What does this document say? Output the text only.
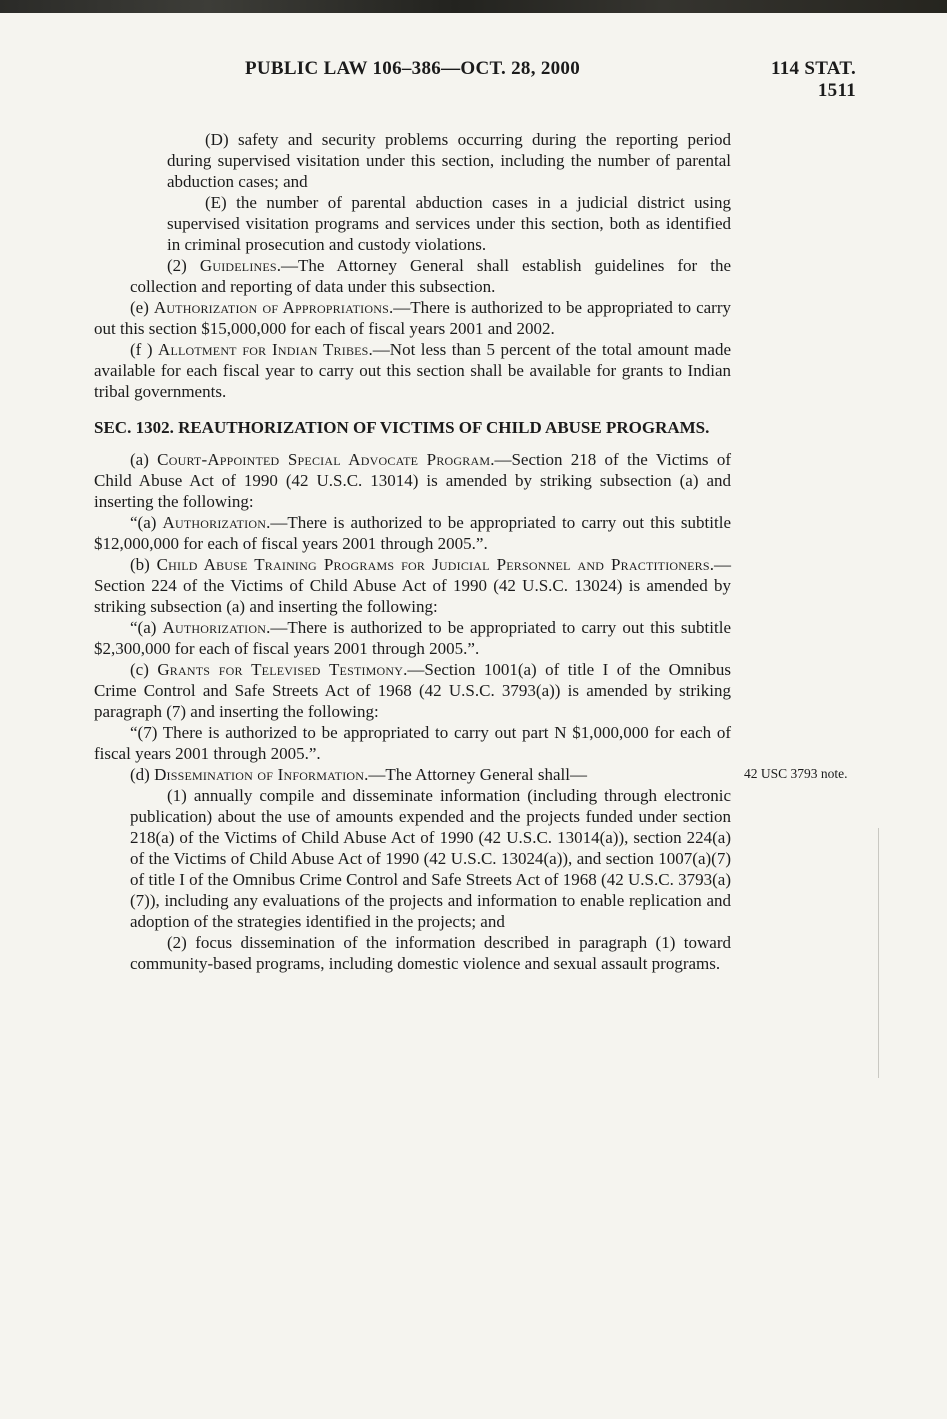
PUBLIC LAW 106–386—OCT. 28, 2000	114 STAT. 1511

(D) safety and security problems occurring during the reporting period during supervised visitation under this section, including the number of parental abduction cases; and

(E) the number of parental abduction cases in a judicial district using supervised visitation programs and services under this section, both as identified in criminal prosecution and custody violations.

(2) Guidelines.—The Attorney General shall establish guidelines for the collection and reporting of data under this subsection.

(e) Authorization of Appropriations.—There is authorized to be appropriated to carry out this section $15,000,000 for each of fiscal years 2001 and 2002.

(f ) Allotment for Indian Tribes.—Not less than 5 percent of the total amount made available for each fiscal year to carry out this section shall be available for grants to Indian tribal governments.

SEC. 1302. REAUTHORIZATION OF VICTIMS OF CHILD ABUSE PROGRAMS.

(a) Court-Appointed Special Advocate Program.—Section 218 of the Victims of Child Abuse Act of 1990 (42 U.S.C. 13014) is amended by striking subsection (a) and inserting the following:

“(a) Authorization.—There is authorized to be appropriated to carry out this subtitle $12,000,000 for each of fiscal years 2001 through 2005.”.

(b) Child Abuse Training Programs for Judicial Personnel and Practitioners.—Section 224 of the Victims of Child Abuse Act of 1990 (42 U.S.C. 13024) is amended by striking subsection (a) and inserting the following:

“(a) Authorization.—There is authorized to be appropriated to carry out this subtitle $2,300,000 for each of fiscal years 2001 through 2005.”.

(c) Grants for Televised Testimony.—Section 1001(a) of title I of the Omnibus Crime Control and Safe Streets Act of 1968 (42 U.S.C. 3793(a)) is amended by striking paragraph (7) and inserting the following:

“(7) There is authorized to be appropriated to carry out part N $1,000,000 for each of fiscal years 2001 through 2005.”.

(d) Dissemination of Information.—The Attorney General shall—	42 USC 3793 note.

(1) annually compile and disseminate information (including through electronic publication) about the use of amounts expended and the projects funded under section 218(a) of the Victims of Child Abuse Act of 1990 (42 U.S.C. 13014(a)), section 224(a) of the Victims of Child Abuse Act of 1990 (42 U.S.C. 13024(a)), and section 1007(a)(7) of title I of the Omnibus Crime Control and Safe Streets Act of 1968 (42 U.S.C. 3793(a)(7)), including any evaluations of the projects and information to enable replication and adoption of the strategies identified in the projects; and

(2) focus dissemination of the information described in paragraph (1) toward community-based programs, including domestic violence and sexual assault programs.
